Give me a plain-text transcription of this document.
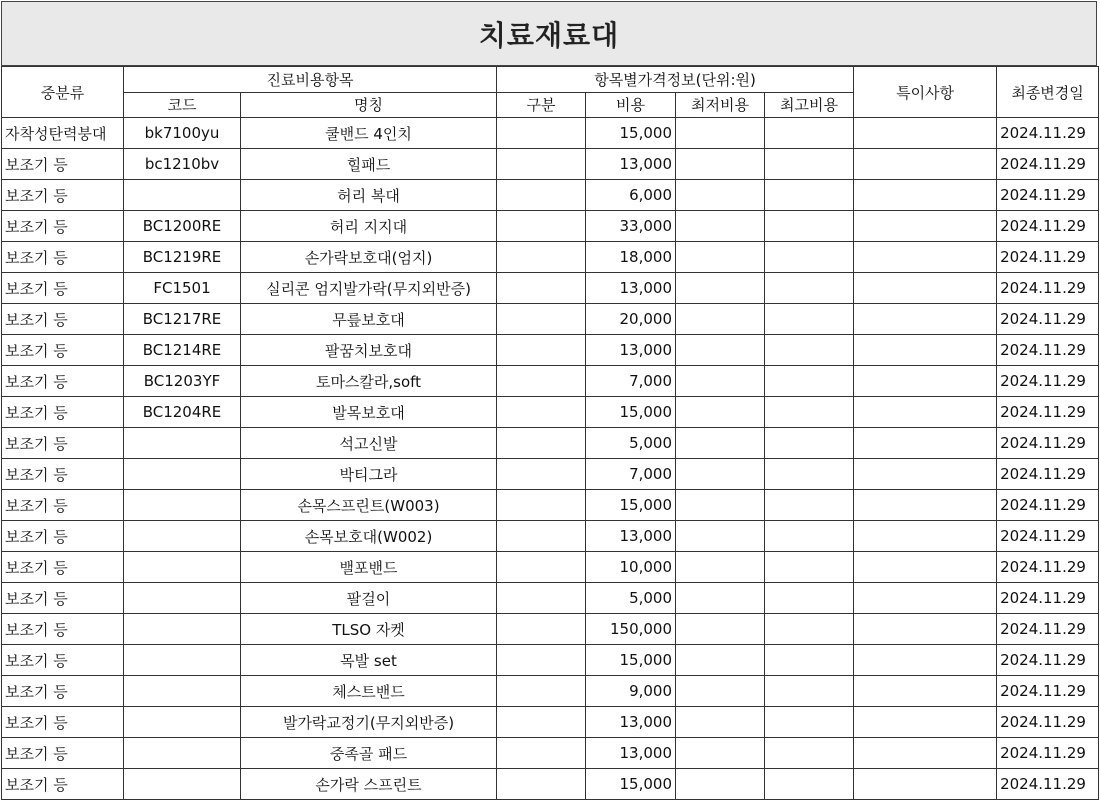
치료재료대
중분류	진료비용항목		항목별가격정보(단위:원)				특이사항	최종변경일
	코드	명칭	구분	비용	최저비용	최고비용		
자착성탄력붕대	bk7100yu	쿨밴드 4인치		15,000				2024.11.29
보조기 등	bc1210bv	힐패드		13,000				2024.11.29
보조기 등		허리 복대		6,000				2024.11.29
보조기 등	BC1200RE	허리 지지대		33,000				2024.11.29
보조기 등	BC1219RE	손가락보호대(엄지)		18,000				2024.11.29
보조기 등	FC1501	실리콘 엄지발가락(무지외반증)		13,000				2024.11.29
보조기 등	BC1217RE	무릎보호대		20,000				2024.11.29
보조기 등	BC1214RE	팔꿈치보호대		13,000				2024.11.29
보조기 등	BC1203YF	토마스칼라,soft		7,000				2024.11.29
보조기 등	BC1204RE	발목보호대		15,000				2024.11.29
보조기 등		석고신발		5,000				2024.11.29
보조기 등		박티그라		7,000				2024.11.29
보조기 등		손목스프린트(W003)		15,000				2024.11.29
보조기 등		손목보호대(W002)		13,000				2024.11.29
보조기 등		밸포밴드		10,000				2024.11.29
보조기 등		팔걸이		5,000				2024.11.29
보조기 등		TLSO 자켓		150,000				2024.11.29
보조기 등		목발 set		15,000				2024.11.29
보조기 등		체스트밴드		9,000				2024.11.29
보조기 등		발가락교정기(무지외반증)		13,000				2024.11.29
보조기 등		중족골 패드		13,000				2024.11.29
보조기 등		손가락 스프린트		15,000				2024.11.29
